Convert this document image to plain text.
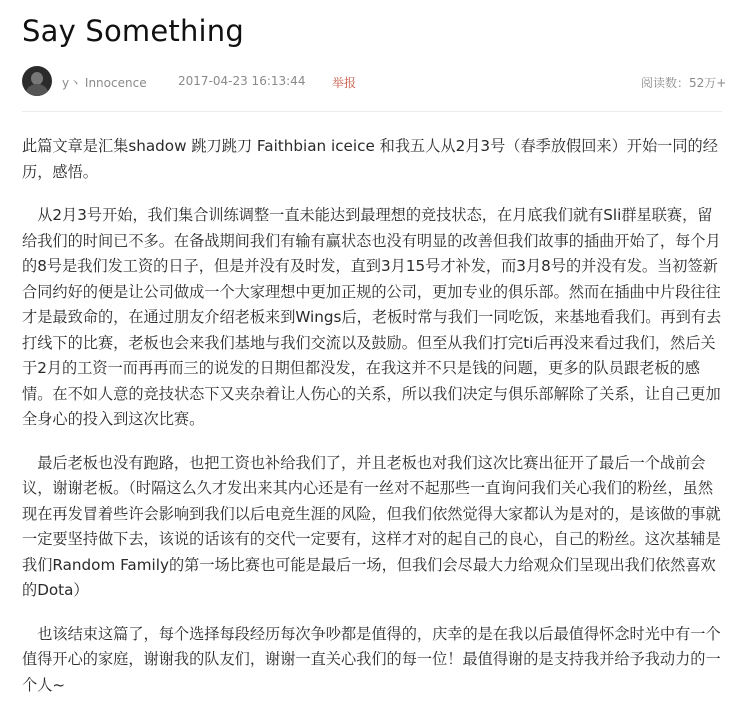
Say Something
y丶 Innocence	2017-04-23 16:13:44 举报	阅读数： 52万+

此篇文章是汇集shadow 跳刀跳刀 Faithbian iceice 和我五人从2月3号（春季放假回来）开始一同的经历，感悟。

从2月3号开始，我们集合训练调整一直未能达到最理想的竞技状态，在月底我们就有Sli群星联赛，留给我们的时间已不多。在备战期间我们有输有赢状态也没有明显的改善但我们故事的插曲开始了，每个月的8号是我们发工资的日子，但是并没有及时发，直到3月15号才补发，而3月8号的并没有发。当初签新合同约好的便是让公司做成一个大家理想中更加正规的公司，更加专业的俱乐部。然而在插曲中片段往往才是最致命的，在通过朋友介绍老板来到Wings后，老板时常与我们一同吃饭，来基地看我们。再到有去打线下的比赛，老板也会来我们基地与我们交流以及鼓励。但至从我们打完ti后再没来看过我们，然后关于2月的工资一而再再而三的说发的日期但都没发，在我这并不只是钱的问题，更多的队员跟老板的感情。在不如人意的竞技状态下又夹杂着让人伤心的关系，所以我们决定与俱乐部解除了关系，让自己更加全身心的投入到这次比赛。

最后老板也没有跑路，也把工资也补给我们了，并且老板也对我们这次比赛出征开了最后一个战前会议，谢谢老板。（时隔这么久才发出来其内心还是有一丝对不起那些一直询问我们关心我们的粉丝，虽然现在再发冒着些许会影响到我们以后电竞生涯的风险，但我们依然觉得大家都认为是对的，是该做的事就一定要坚持做下去，该说的话该有的交代一定要有，这样才对的起自己的良心，自己的粉丝。这次基辅是我们Random Family的第一场比赛也可能是最后一场，但我们会尽最大力给观众们呈现出我们依然喜欢的Dota）

也该结束这篇了，每个选择每段经历每次争吵都是值得的，庆幸的是在我以后最值得怀念时光中有一个值得开心的家庭，谢谢我的队友们，谢谢一直关心我们的每一位！最值得谢的是支持我并给予我动力的一个人~
